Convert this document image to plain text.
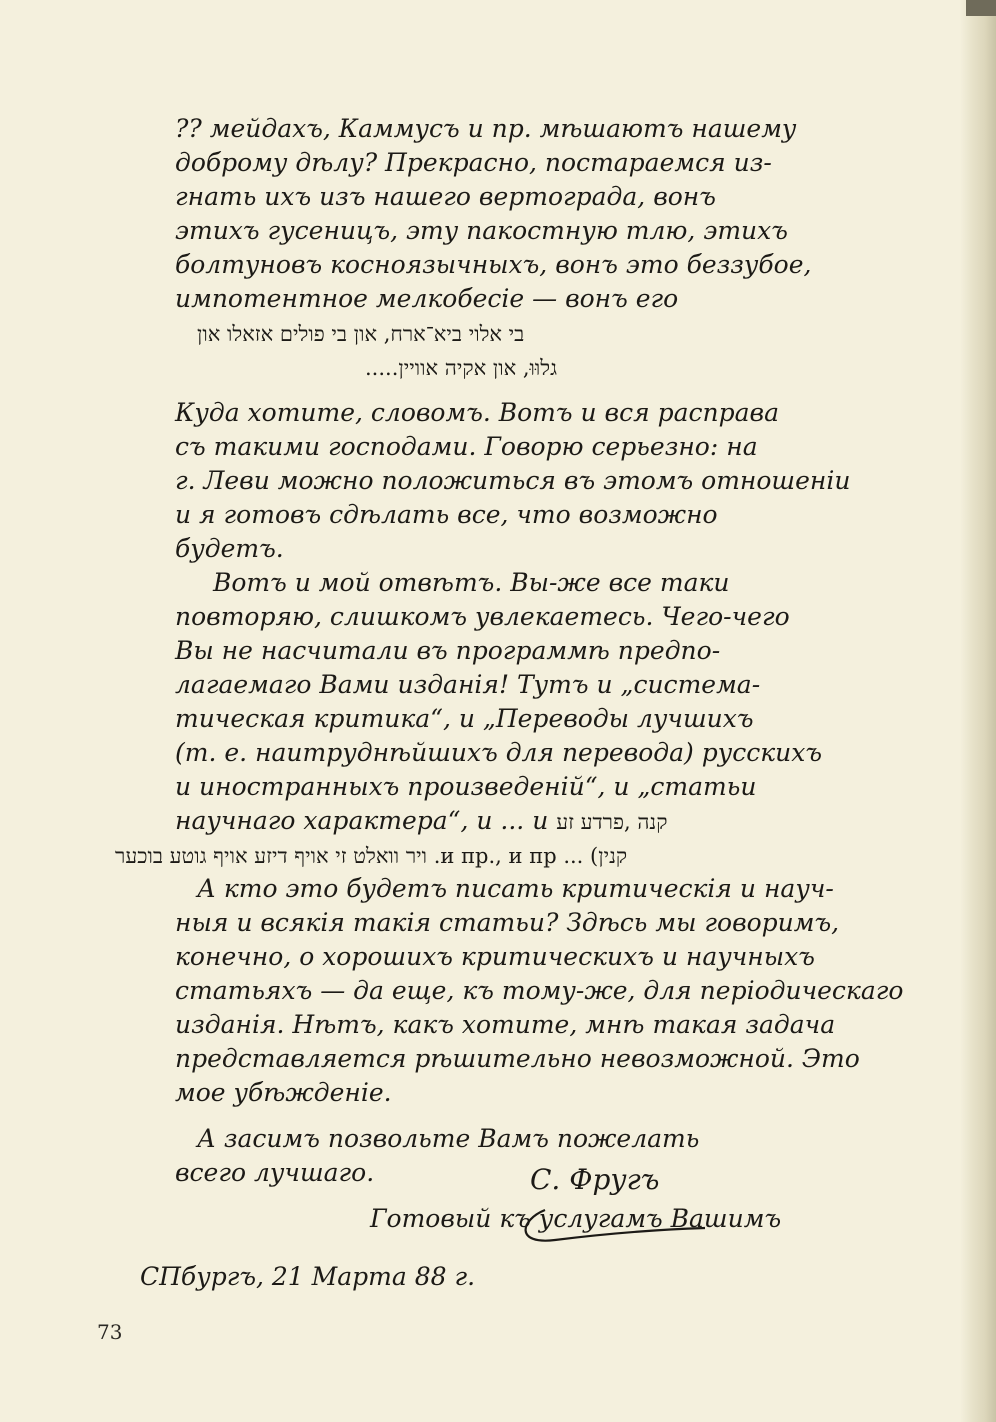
?? мейдахъ, Каммусъ и пр. мѣшаютъ нашему
доброму дѣлу? Прекрасно, постараемся из-
гнать ихъ изъ нашего вертограда, вонъ
этихъ гусеницъ, эту пакостную тлю, этихъ
болтуновъ косноязычныхъ, вонъ это беззубое,
импотентное мелкобесіе — вонъ его
בי אלוי ביא־ארח, און בי פולים אזאלו און
גלוּוּ, און אקיה אוויין.....
Куда хотите, словомъ. Вотъ и вся расправа
съ такими господами. Говорю серьезно: на
г. Леви можно положиться въ этомъ отношеніи
и я готовъ сдѣлать все, что возможно
будетъ.
Вотъ и мой отвѣтъ. Вы-же все таки
повторяю, слишкомъ увлекаетесь. Чего-чего
Вы не насчитали въ программѣ предпо-
лагаемаго Вами изданія! Тутъ и „система-
тическая критика“, и „Переводы лучшихъ
(т. е. наитруднѣйшихъ для перевода) русскихъ
и иностранныхъ произведеній“, и „статьи
научнаго характера“, и ... и קנה ,פרדע זע
קנין) ... и пр., и пр. ויר וואלט זי אויף דיזע אויף גוטע בוכער
А кто это будетъ писать критическія и науч-
ныя и всякія такія статьи? Здѣсь мы говоримъ,
конечно, о хорошихъ критическихъ и научныхъ
статьяхъ — да еще, къ тому-же, для періодическаго
изданія. Нѣтъ, какъ хотите, мнѣ такая задача
представляется рѣшительно невозможной. Это
мое убѣжденіе.
А засимъ позвольте Вамъ пожелать
всего лучшаго.
Готовый къ услугамъ Вашимъ
С. Фругъ
СПбургъ, 21 Марта 88 г.
73
